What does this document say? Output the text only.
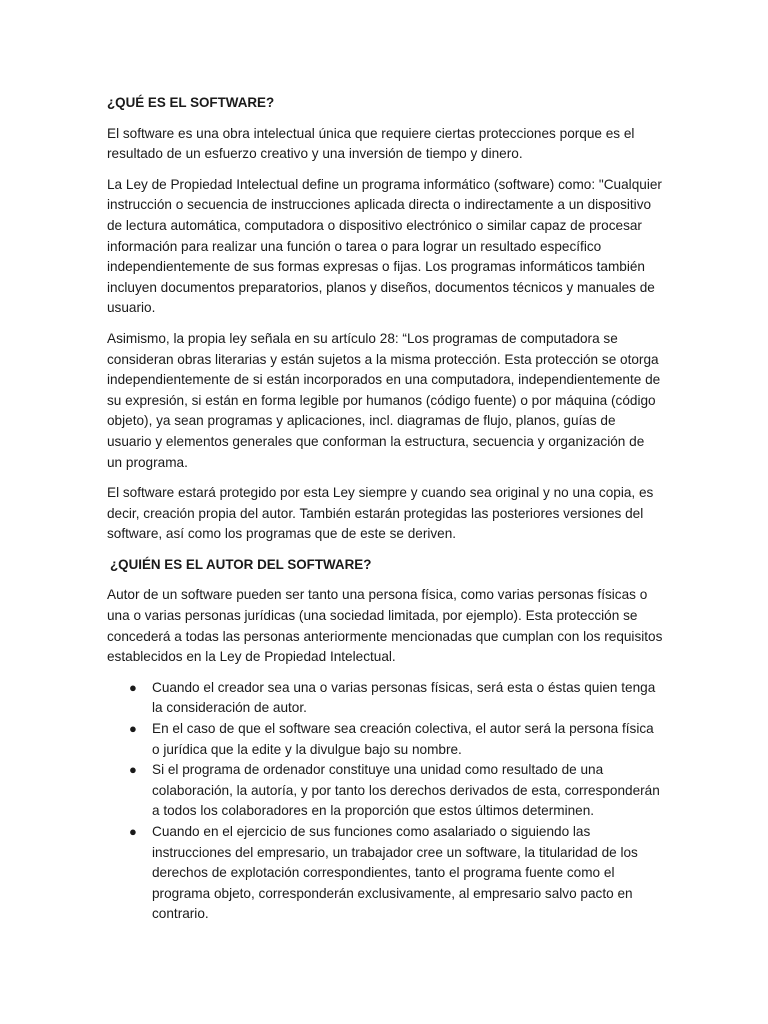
¿QUÉ ES EL SOFTWARE?

El software es una obra intelectual única que requiere ciertas protecciones porque es el resultado de un esfuerzo creativo y una inversión de tiempo y dinero.

La Ley de Propiedad Intelectual define un programa informático (software) como: "Cualquier instrucción o secuencia de instrucciones aplicada directa o indirectamente a un dispositivo de lectura automática, computadora o dispositivo electrónico o similar capaz de procesar información para realizar una función o tarea o para lograr un resultado específico independientemente de sus formas expresas o fijas. Los programas informáticos también incluyen documentos preparatorios, planos y diseños, documentos técnicos y manuales de usuario.

Asimismo, la propia ley señala en su artículo 28: “Los programas de computadora se consideran obras literarias y están sujetos a la misma protección. Esta protección se otorga independientemente de si están incorporados en una computadora, independientemente de su expresión, si están en forma legible por humanos (código fuente) o por máquina (código objeto), ya sean programas y aplicaciones, incl. diagramas de flujo, planos, guías de usuario y elementos generales que conforman la estructura, secuencia y organización de un programa.

El software estará protegido por esta Ley siempre y cuando sea original y no una copia, es decir, creación propia del autor. También estarán protegidas las posteriores versiones del software, así como los programas que de este se deriven.

¿QUIÉN ES EL AUTOR DEL SOFTWARE?

Autor de un software pueden ser tanto una persona física, como varias personas físicas o una o varias personas jurídicas (una sociedad limitada, por ejemplo). Esta protección se concederá a todas las personas anteriormente mencionadas que cumplan con los requisitos establecidos en la Ley de Propiedad Intelectual.

● Cuando el creador sea una o varias personas físicas, será esta o éstas quien tenga la consideración de autor.
● En el caso de que el software sea creación colectiva, el autor será la persona física o jurídica que la edite y la divulgue bajo su nombre.
● Si el programa de ordenador constituye una unidad como resultado de una colaboración, la autoría, y por tanto los derechos derivados de esta, corresponderán a todos los colaboradores en la proporción que estos últimos determinen.
● Cuando en el ejercicio de sus funciones como asalariado o siguiendo las instrucciones del empresario, un trabajador cree un software, la titularidad de los derechos de explotación correspondientes, tanto el programa fuente como el programa objeto, corresponderán exclusivamente, al empresario salvo pacto en contrario.
